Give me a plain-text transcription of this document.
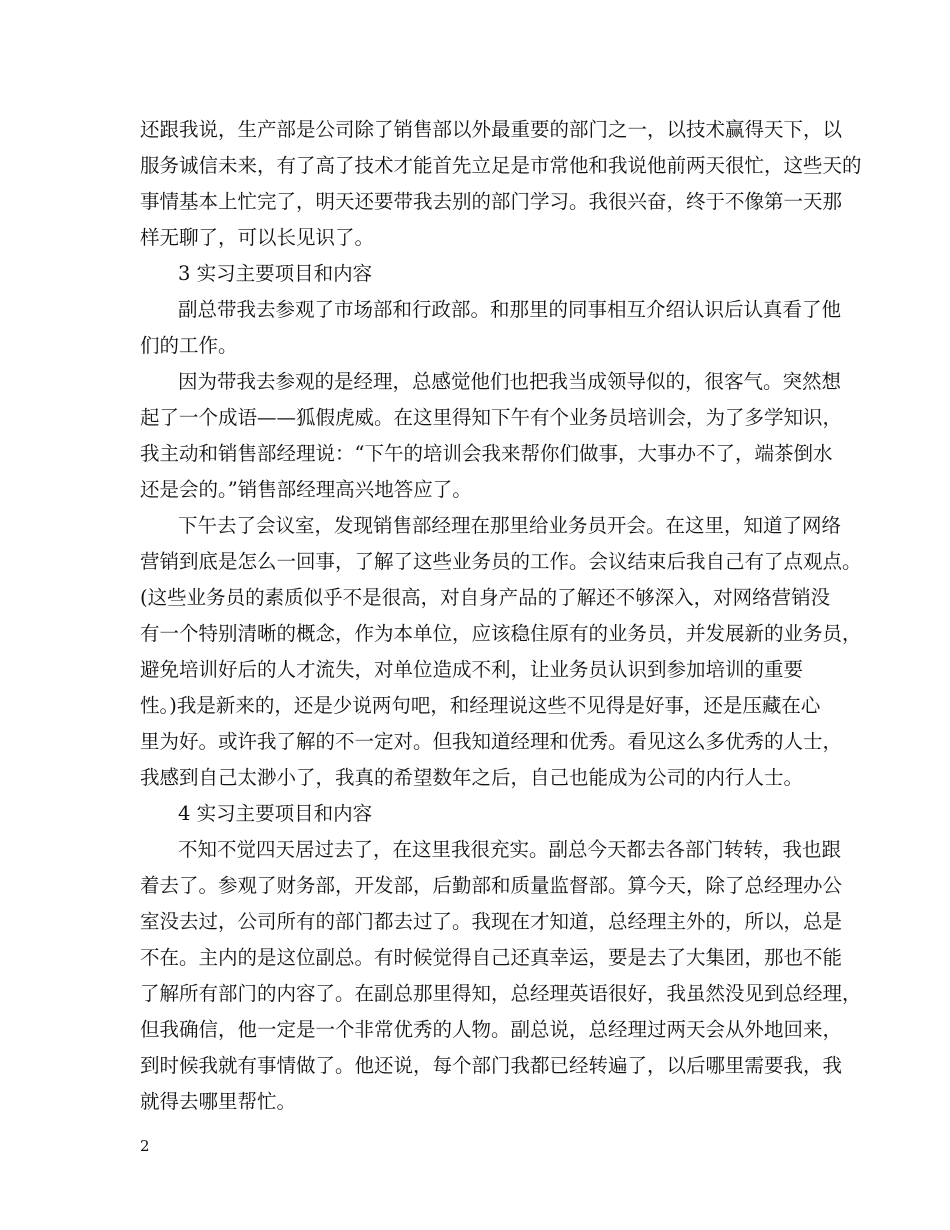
还跟我说，生产部是公司除了销售部以外最重要的部门之一，以技术赢得天下，以
服务诚信未来，有了高了技术才能首先立足是市常他和我说他前两天很忙，这些天的
事情基本上忙完了，明天还要带我去别的部门学习。我很兴奋，终于不像第一天那
样无聊了，可以长见识了。
3 实习主要项目和内容
副总带我去参观了市场部和行政部。和那里的同事相互介绍认识后认真看了他
们的工作。
因为带我去参观的是经理，总感觉他们也把我当成领导似的，很客气。突然想
起了一个成语——狐假虎威。在这里得知下午有个业务员培训会，为了多学知识，
我主动和销售部经理说：“下午的培训会我来帮你们做事，大事办不了，端茶倒水
还是会的。”销售部经理高兴地答应了。
下午去了会议室，发现销售部经理在那里给业务员开会。在这里，知道了网络
营销到底是怎么一回事，了解了这些业务员的工作。会议结束后我自己有了点观点。
(这些业务员的素质似乎不是很高，对自身产品的了解还不够深入，对网络营销没
有一个特别清晰的概念，作为本单位，应该稳住原有的业务员，并发展新的业务员，
避免培训好后的人才流失，对单位造成不利，让业务员认识到参加培训的重要
性。)我是新来的，还是少说两句吧，和经理说这些不见得是好事，还是压藏在心
里为好。或许我了解的不一定对。但我知道经理和优秀。看见这么多优秀的人士，
我感到自己太渺小了，我真的希望数年之后，自己也能成为公司的内行人士。
4 实习主要项目和内容
不知不觉四天居过去了，在这里我很充实。副总今天都去各部门转转，我也跟
着去了。参观了财务部，开发部，后勤部和质量监督部。算今天，除了总经理办公
室没去过，公司所有的部门都去过了。我现在才知道，总经理主外的，所以，总是
不在。主内的是这位副总。有时候觉得自己还真幸运，要是去了大集团，那也不能
了解所有部门的内容了。在副总那里得知，总经理英语很好，我虽然没见到总经理，
但我确信，他一定是一个非常优秀的人物。副总说，总经理过两天会从外地回来，
到时候我就有事情做了。他还说，每个部门我都已经转遍了，以后哪里需要我，我
就得去哪里帮忙。
2
